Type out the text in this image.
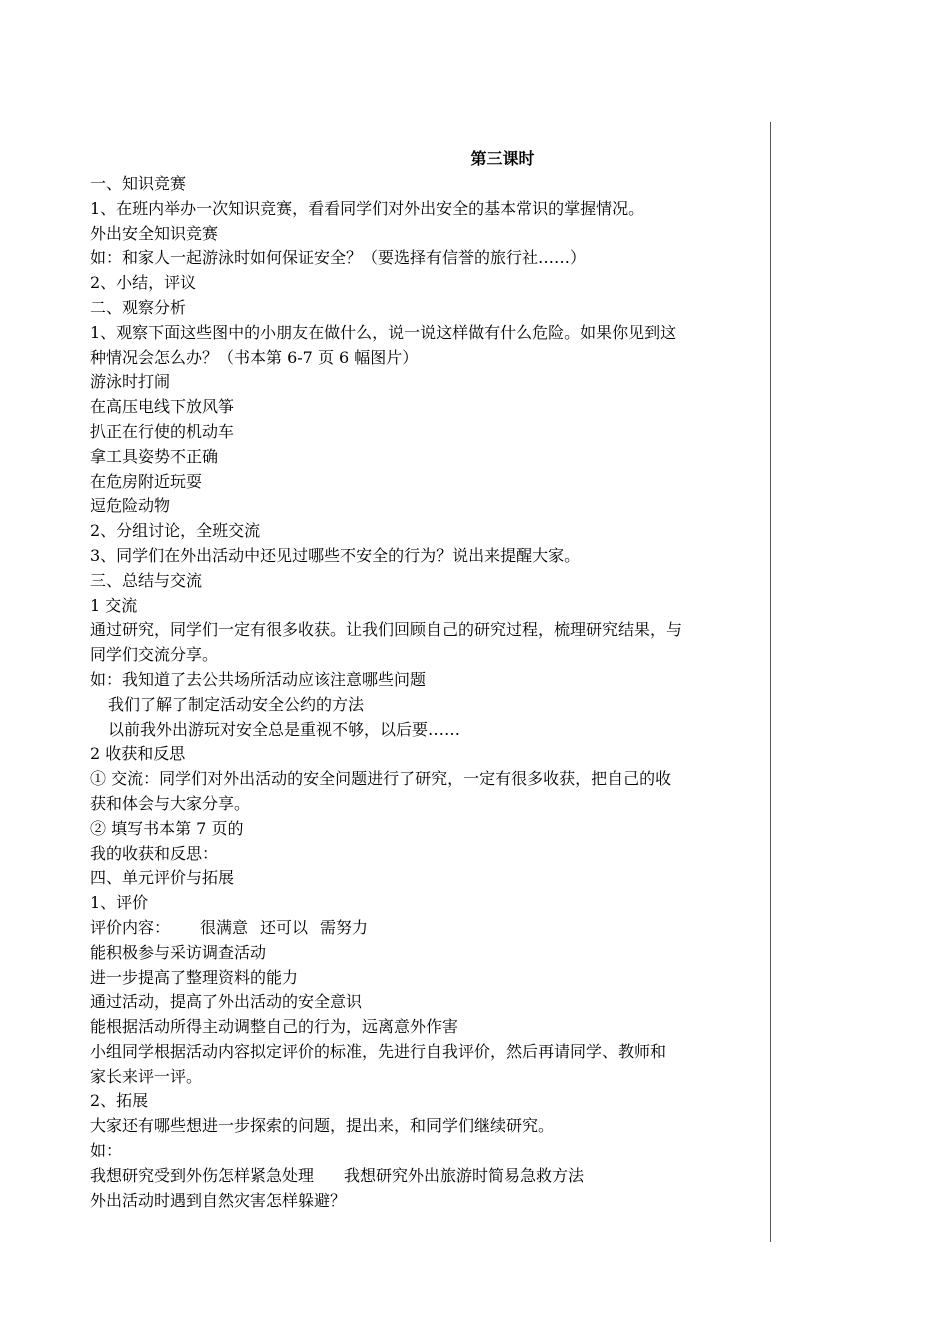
第三课时
一、知识竞赛
1、在班内举办一次知识竞赛，看看同学们对外出安全的基本常识的掌握情况。
外出安全知识竞赛
如：和家人一起游泳时如何保证安全？（要选择有信誉的旅行社……）
2、小结，评议
二、观察分析
1、观察下面这些图中的小朋友在做什么，说一说这样做有什么危险。如果你见到这
种情况会怎么办？（书本第 6-7 页 6 幅图片）
游泳时打闹
在高压电线下放风筝
扒正在行使的机动车
拿工具姿势不正确
在危房附近玩耍
逗危险动物
2、分组讨论，全班交流
3、同学们在外出活动中还见过哪些不安全的行为？说出来提醒大家。
三、总结与交流
1 交流
通过研究，同学们一定有很多收获。让我们回顾自己的研究过程，梳理研究结果，与
同学们交流分享。
如：我知道了去公共场所活动应该注意哪些问题
我们了解了制定活动安全公约的方法
以前我外出游玩对安全总是重视不够，以后要……
2 收获和反思
① 交流：同学们对外出活动的安全问题进行了研究，一定有很多收获，把自己的收
获和体会与大家分享。
② 填写书本第 7 页的
我的收获和反思：
四、单元评价与拓展
1、评价
评价内容： 很满意 还可以 需努力
能积极参与采访调查活动
进一步提高了整理资料的能力
通过活动，提高了外出活动的安全意识
能根据活动所得主动调整自己的行为，远离意外作害
小组同学根据活动内容拟定评价的标准，先进行自我评价，然后再请同学、教师和
家长来评一评。
2、拓展
大家还有哪些想进一步探索的问题，提出来，和同学们继续研究。
如：
我想研究受到外伤怎样紧急处理 我想研究外出旅游时简易急救方法
外出活动时遇到自然灾害怎样躲避？
